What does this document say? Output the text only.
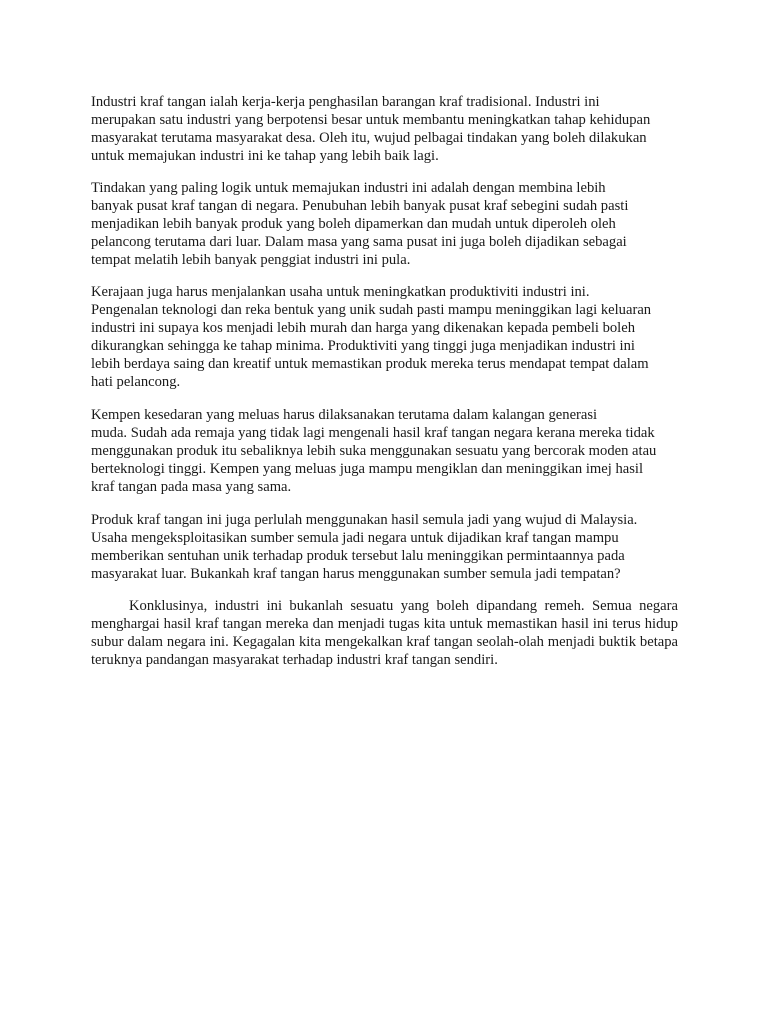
Industri kraf tangan ialah kerja-kerja penghasilan barangan kraf tradisional. Industri ini
merupakan satu industri yang berpotensi besar untuk membantu meningkatkan tahap kehidupan
masyarakat terutama masyarakat desa. Oleh itu, wujud pelbagai tindakan yang boleh dilakukan
untuk memajukan industri ini ke tahap yang lebih baik lagi.

Tindakan yang paling logik untuk memajukan industri ini adalah dengan membina lebih
banyak pusat kraf tangan di negara. Penubuhan lebih banyak pusat kraf sebegini sudah pasti
menjadikan lebih banyak produk yang boleh dipamerkan dan mudah untuk diperoleh oleh
pelancong terutama dari luar. Dalam masa yang sama pusat ini juga boleh dijadikan sebagai
tempat melatih lebih banyak penggiat industri ini pula.

Kerajaan juga harus menjalankan usaha untuk meningkatkan produktiviti industri ini.
Pengenalan teknologi dan reka bentuk yang unik sudah pasti mampu meninggikan lagi keluaran
industri ini supaya kos menjadi lebih murah dan harga yang dikenakan kepada pembeli boleh
dikurangkan sehingga ke tahap minima. Produktiviti yang tinggi juga menjadikan industri ini
lebih berdaya saing dan kreatif untuk memastikan produk mereka terus mendapat tempat dalam
hati pelancong.

Kempen kesedaran yang meluas harus dilaksanakan terutama dalam kalangan generasi
muda. Sudah ada remaja yang tidak lagi mengenali hasil kraf tangan negara kerana mereka tidak
menggunakan produk itu sebaliknya lebih suka menggunakan sesuatu yang bercorak moden atau
berteknologi tinggi. Kempen yang meluas juga mampu mengiklan dan meninggikan imej hasil
kraf tangan pada masa yang sama.

Produk kraf tangan ini juga perlulah menggunakan hasil semula jadi yang wujud di Malaysia.
Usaha mengeksploitasikan sumber semula jadi negara untuk dijadikan kraf tangan mampu
memberikan sentuhan unik terhadap produk tersebut lalu meninggikan permintaannya pada
masyarakat luar. Bukankah kraf tangan harus menggunakan sumber semula jadi tempatan?

Konklusinya, industri ini bukanlah sesuatu yang boleh dipandang remeh. Semua negara menghargai hasil kraf tangan mereka dan menjadi tugas kita untuk memastikan hasil ini terus hidup subur dalam negara ini. Kegagalan kita mengekalkan kraf tangan seolah-olah menjadi buktik betapa teruknya pandangan masyarakat terhadap industri kraf tangan sendiri.
